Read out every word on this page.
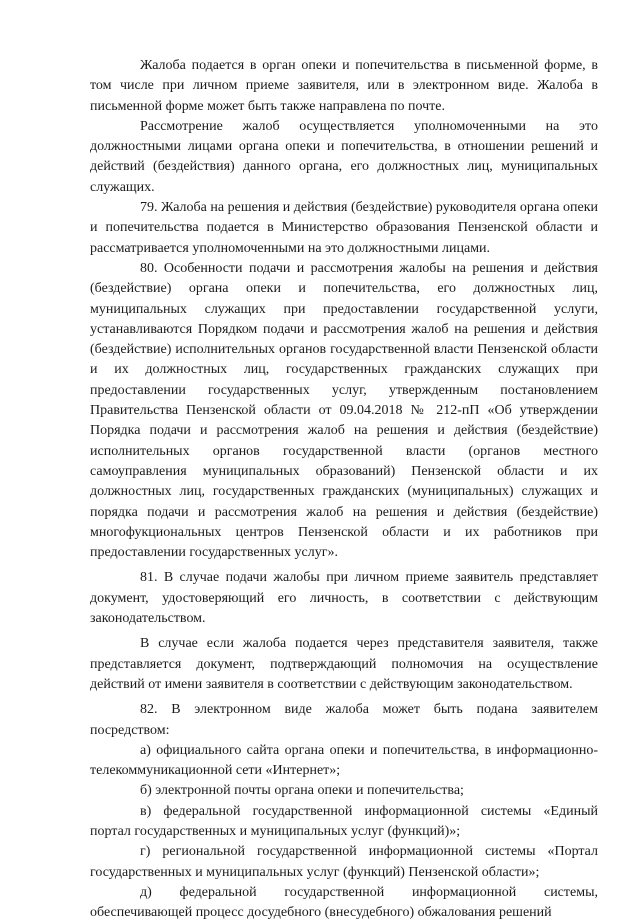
Жалоба подается в орган опеки и попечительства в письменной форме, в том числе при личном приеме заявителя, или в электронном виде. Жалоба в письменной форме может быть также направлена по почте.

Рассмотрение жалоб осуществляется уполномоченными на это должностными лицами органа опеки и попечительства, в отношении решений и действий (бездействия) данного органа, его должностных лиц, муниципальных служащих.

79. Жалоба на решения и действия (бездействие) руководителя органа опеки и попечительства подается в Министерство образования Пензенской области и рассматривается уполномоченными на это должностными лицами.

80. Особенности подачи и рассмотрения жалобы на решения и действия (бездействие) органа опеки и попечительства, его должностных лиц, муниципальных служащих при предоставлении государственной услуги, устанавливаются Порядком подачи и рассмотрения жалоб на решения и действия (бездействие) исполнительных органов государственной власти Пензенской области и их должностных лиц, государственных гражданских служащих при предоставлении государственных услуг, утвержденным постановлением Правительства Пензенской области от 09.04.2018 № 212-пП «Об утверждении Порядка подачи и рассмотрения жалоб на решения и действия (бездействие) исполнительных органов государственной власти (органов местного самоуправления муниципальных образований) Пензенской области и их должностных лиц, государственных гражданских (муниципальных) служащих и порядка подачи и рассмотрения жалоб на решения и действия (бездействие) многофукциональных центров Пензенской области и их работников при предоставлении государственных услуг».

81. В случае подачи жалобы при личном приеме заявитель представляет документ, удостоверяющий его личность, в соответствии с действующим законодательством.

В случае если жалоба подается через представителя заявителя, также представляется документ, подтверждающий полномочия на осуществление действий от имени заявителя в соответствии с действующим законодательством.

82. В электронном виде жалоба может быть подана заявителем посредством:

а) официального сайта органа опеки и попечительства, в информационно-телекоммуникационной сети «Интернет»;

б) электронной почты органа опеки и попечительства;

в) федеральной государственной информационной системы «Единый портал государственных и муниципальных услуг (функций)»;

г) региональной государственной информационной системы «Портал государственных и муниципальных услуг (функций) Пензенской области»;

д) федеральной государственной информационной системы, обеспечивающей процесс досудебного (внесудебного) обжалования решений
